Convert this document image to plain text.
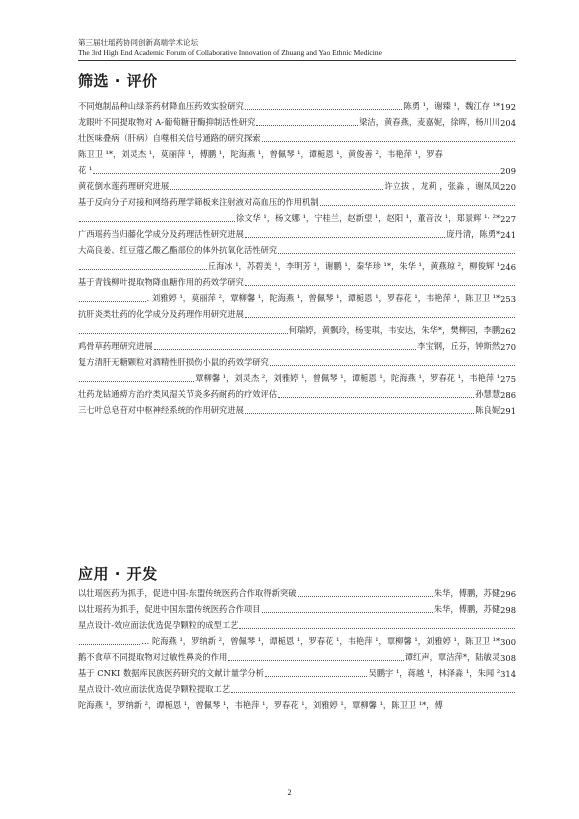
第三届壮瑶药协同创新高端学术论坛
The 3rd High End Academic Forum of Collaborative Innovation of Zhuang and Yao Ethnic Medicine
筛选 · 评价
不同炮制品种山绿茶药材降血压药效实验研究	陈勇 ¹，谢臻 ¹，魏江存 ¹* 192
龙眼叶不同提取物对 A-葡萄糖苷酶抑制活性研究	梁洁，黄春燕，麦嘉妮，徐晖，杨川川 204
壮医味叠病（肝病）自噬相关信号通路的研究探索
陈卫卫 ¹*，刘灵杰 ¹，莫丽萍 ¹，傅鹏 ¹，陀海燕 ¹，曾佩琴 ¹，谭栀恩 ¹，黄俊善 ²，韦艳萍 ¹，罗春
花 ¹	209
黄花倒水莲药理研究进展	许立拔 ，龙莉 ，张淼 ，谢凤凤 220
基于反向分子对接和网络药理学筛板来注射液对高血压的作用机制
徐文华 ¹，杨文娜 ¹，宁桂兰，赵新望 ¹，赵阳 ¹，董音汝 ¹，郑景辉 ¹· ²* 227
广西瑶药当归藤化学成分及药理活性研究进展	庞丹清，陈勇* 241
大高良姜、红豆蔻乙酸乙酯部位的体外抗氧化活性研究
丘海冰 ¹，苏碧美 ¹，李明芳 ¹，谢鹏 ¹，秦华珍 ¹*，朱华 ¹，黄燕琼 ²，柳俊辉 ¹ 246
基于青钱柳叶提取物降血糖作用的药效学研究
. 刘雅婷 ¹，莫丽萍 ²，覃柳馨 ¹，陀海燕 ¹，曾佩琴 ¹，谭栀恩 ¹，罗春花 ¹，韦艳萍 ¹，陈卫卫 ¹* 253
抗肝炎类壮药的化学成分及药理作用研究进展
何瑞婷，黄飘玲，杨雯琪，韦安达，朱华*，樊柳园，李鹏 262
鸡骨草药理研究进展	李宝钢，丘芬，钟斯然 270
复方清肝无糖颗粒对酒精性肝损伤小鼠的药效学研究
覃柳馨 ¹，刘灵杰 ²，刘雅婷 ¹，曾佩琴 ¹，谭栀恩 ¹，陀海燕 ¹，罗春花 ¹，韦艳萍 ¹ 275
壮药龙钻通痹方治疗类风湿关节炎多药耐药的疗效评估	孙慧慧 286
三七叶总皂苷对中枢神经系统的作用研究进展	陈良妮 291
应用 · 开发
以壮瑶医药为抓手，促进中国-东盟传统医药合作取得新突破	朱华，傅鹏，苏健 296
以壮瑶药为抓手，促进中国东盟传统医药合作项目	朱华，傅鹏，苏健 298
星点设计-效应面法优选促孕颗粒的成型工艺
... 陀海燕 ¹，罗纳新 ²，曾佩琴 ¹，谭栀恩 ¹，罗春花 ¹，韦艳萍 ¹，覃柳馨 ¹，刘雅婷 ¹，陈卫卫 ¹* 300
鹅不食草不同提取物对过敏性鼻炎的作用	谭红声，覃洁萍*，陆敏灵 308
基于 CNKI 数据库民族医药研究的文献计量学分析	吴鹏宇 ¹，蒋越 ¹，林泽淼 ¹，朱闻 ² 314
星点设计-效应面法优选促孕颗粒提取工艺
陀海燕 ¹，罗纳新 ²，谭栀恩 ¹，曾佩琴 ¹，韦艳萍 ¹，罗春花 ¹，刘雅婷 ¹，覃柳馨 ¹，陈卫卫 ¹*，傅
2
